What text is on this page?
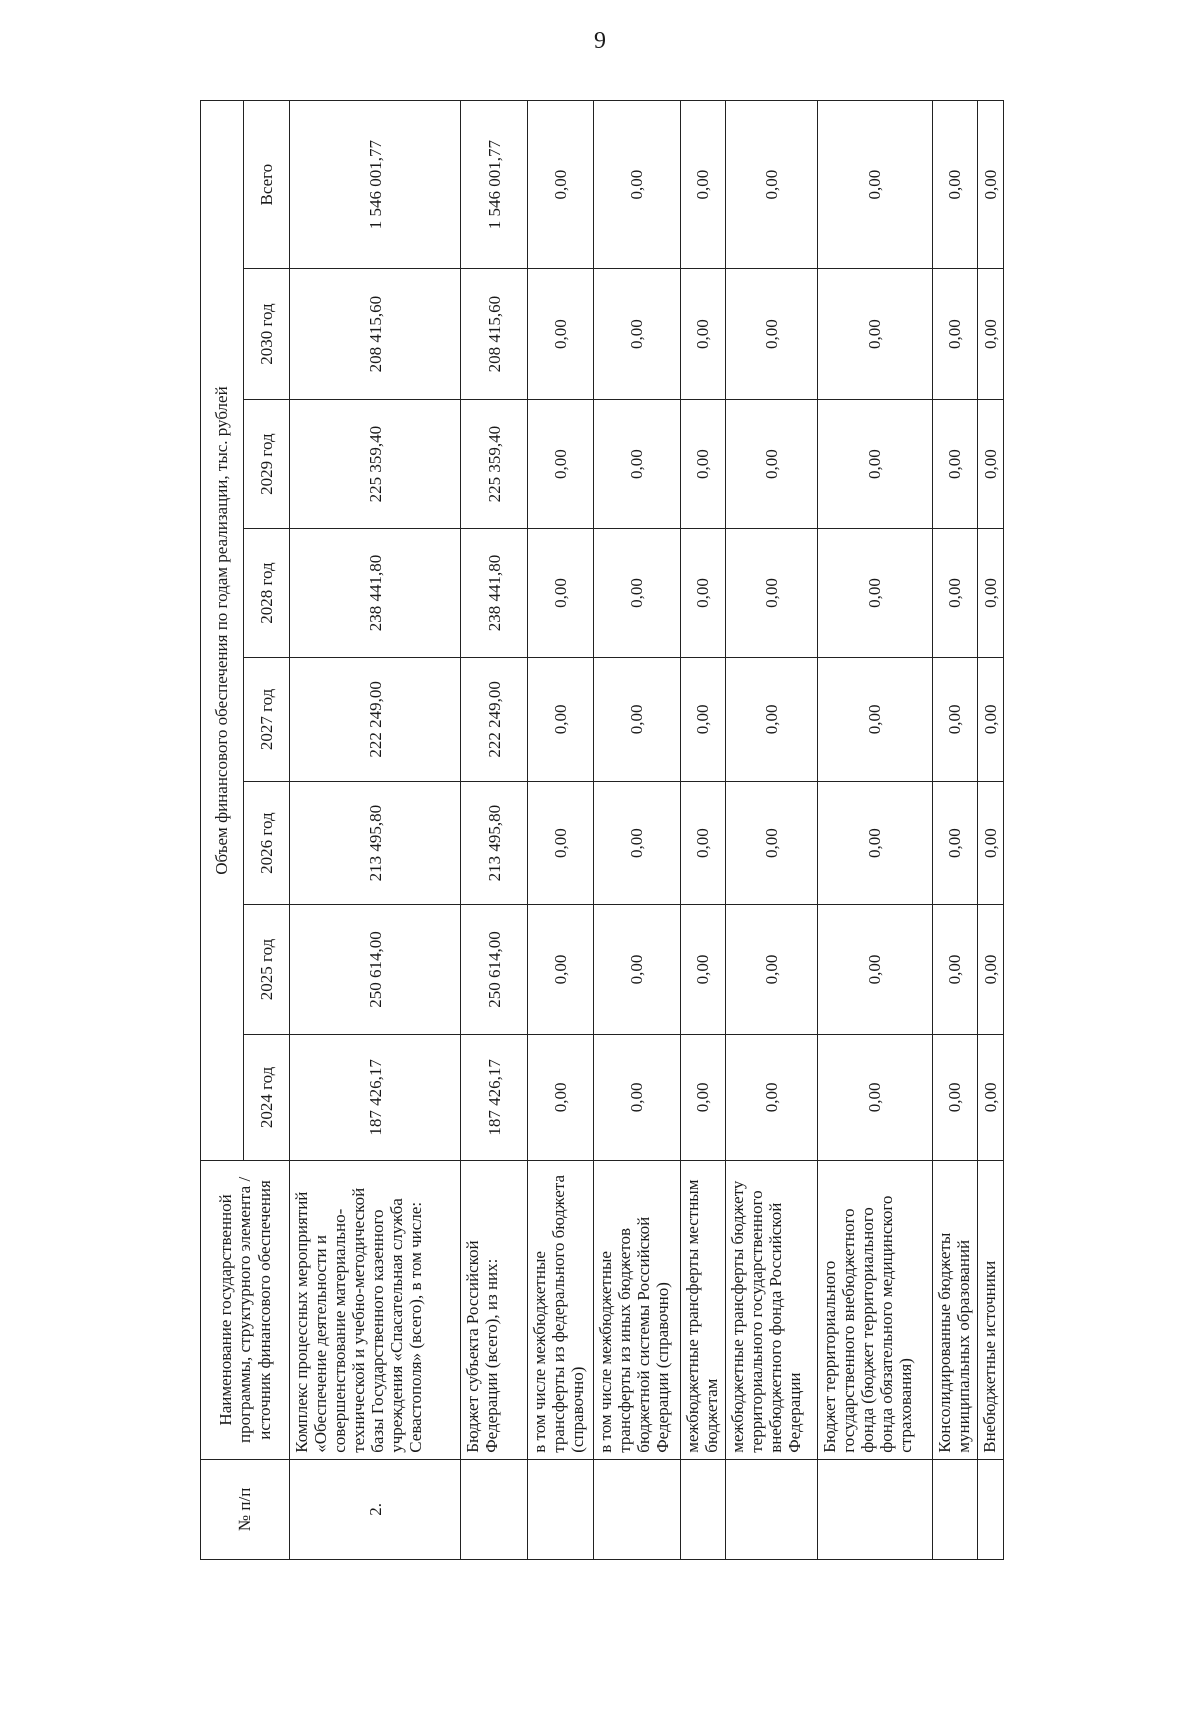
9
№ п/п	Наименование государственной программы, структурного элемента / источник финансового обеспечения	Объем финансового обеспечения по годам реализации, тыс. рублей							
		2024 год	2025 год	2026 год	2027 год	2028 год	2029 год	2030 год	Всего
2.	Комплекс процессных мероприятий «Обеспечение деятельности и совершенствование материально-технической и учебно-методической базы Государственного казенного учреждения «Спасательная служба Севастополя» (всего), в том числе:	187 426,17	250 614,00	213 495,80	222 249,00	238 441,80	225 359,40	208 415,60	1 546 001,77
	Бюджет субъекта Российской Федерации (всего), из них:	187 426,17	250 614,00	213 495,80	222 249,00	238 441,80	225 359,40	208 415,60	1 546 001,77
	в том числе межбюджетные трансферты из федерального бюджета (справочно)	0,00	0,00	0,00	0,00	0,00	0,00	0,00	0,00
	в том числе межбюджетные трансферты из иных бюджетов бюджетной системы Российской Федерации (справочно)	0,00	0,00	0,00	0,00	0,00	0,00	0,00	0,00
	межбюджетные трансферты местным бюджетам	0,00	0,00	0,00	0,00	0,00	0,00	0,00	0,00
	межбюджетные трансферты бюджету территориального государственного внебюджетного фонда Российской Федерации	0,00	0,00	0,00	0,00	0,00	0,00	0,00	0,00
	Бюджет территориального государственного внебюджетного фонда (бюджет территориального фонда обязательного медицинского страхования)	0,00	0,00	0,00	0,00	0,00	0,00	0,00	0,00
	Консолидированные бюджеты муниципальных образований	0,00	0,00	0,00	0,00	0,00	0,00	0,00	0,00
	Внебюджетные источники	0,00	0,00	0,00	0,00	0,00	0,00	0,00	0,00
